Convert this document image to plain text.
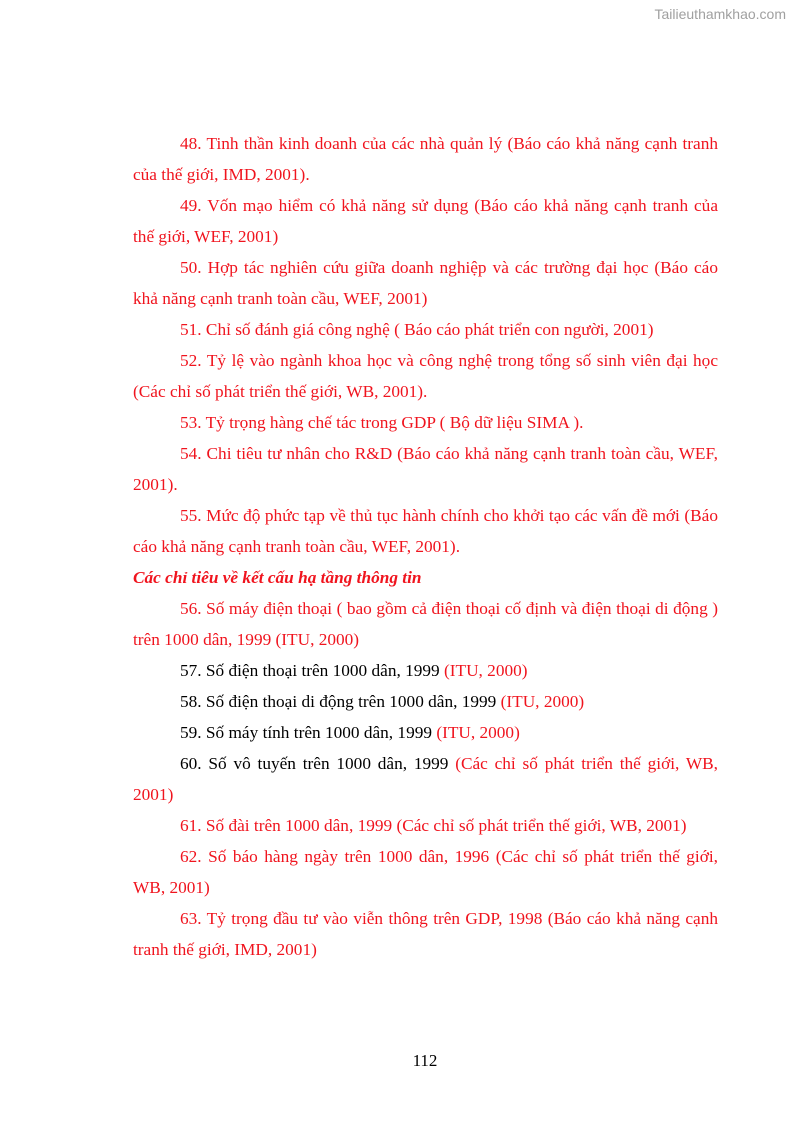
Tailieuthamkhao.com

48. Tinh thần kinh doanh của các nhà quản lý (Báo cáo khả năng cạnh tranh của thế giới, IMD, 2001).

49. Vốn mạo hiểm có khả năng sử dụng (Báo cáo khả năng cạnh tranh của thế giới, WEF, 2001)

50. Hợp tác nghiên cứu giữa doanh nghiệp và các trường đại học (Báo cáo khả năng cạnh tranh toàn cầu, WEF, 2001)

51. Chỉ số đánh giá công nghệ ( Báo cáo phát triển con người, 2001)

52. Tỷ lệ vào ngành khoa học và công nghệ trong tổng số sinh viên đại học (Các chỉ số phát triển thế giới, WB, 2001).

53. Tỷ trọng hàng chế tác trong GDP ( Bộ dữ liệu SIMA ).

54. Chi tiêu tư nhân cho R&D (Báo cáo khả năng cạnh tranh toàn cầu, WEF, 2001).

55. Mức độ phức tạp về thủ tục hành chính cho khởi tạo các vấn đề mới (Báo cáo khả năng cạnh tranh toàn cầu, WEF, 2001).

Các chỉ tiêu về kết cấu hạ tầng thông tin

56. Số máy điện thoại ( bao gồm cả điện thoại cố định và điện thoại di động ) trên 1000 dân, 1999 (ITU, 2000)

57. Số điện thoại trên 1000 dân, 1999 (ITU, 2000)

58. Số điện thoại di động trên 1000 dân, 1999 (ITU, 2000)

59. Số máy tính trên 1000 dân, 1999 (ITU, 2000)

60. Số vô tuyến trên 1000 dân, 1999 (Các chỉ số phát triển thế giới, WB, 2001)

61. Số đài trên 1000 dân, 1999 (Các chỉ số phát triển thế giới, WB, 2001)

62. Số báo hàng ngày trên 1000 dân, 1996 (Các chỉ số phát triển thế giới, WB, 2001)

63. Tỷ trọng đầu tư vào viễn thông trên GDP, 1998 (Báo cáo khả năng cạnh tranh thế giới, IMD, 2001)

112
